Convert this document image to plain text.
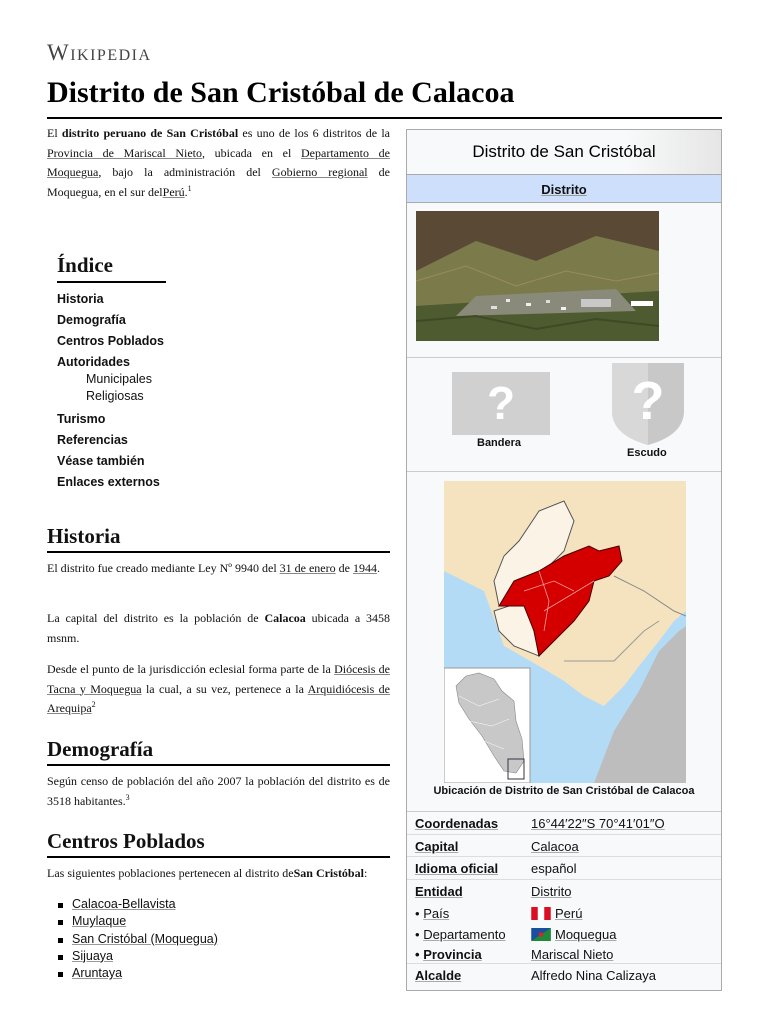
Wikipedia
Distrito de San Cristóbal de Calacoa

El distrito peruano de San Cristóbal es uno de los 6 distritos de la Provincia de Mariscal Nieto, ubicada en el Departamento de Moquegua, bajo la administración del Gobierno regional de Moquegua, en el sur delPerú.$^1$

Índice
Historia
Demografía
Centros Poblados
Autoridades
Municipales
Religiosas
Turismo
Referencias
Véase también
Enlaces externos
Historia

El distrito fue creado mediante Ley Nº 9940 del 31 de enero de 1944.

La capital del distrito es la población de Calacoa ubicada a 3458 msnm.

Desde el punto de la jurisdicción eclesial forma parte de la Diócesis de Tacna y Moquegua la cual, a su vez, pertenece a la Arquidiócesis de Arequipa$^2$

Demografía

Según censo de población del año 2007 la población del distrito es de 3518 habitantes.$^3$

Centros Poblados

Las siguientes poblaciones pertenecen al distrito deSan Cristóbal:

Calacoa-Bellavista
Muylaque
San Cristóbal (Moquegua)
Sijuaya
Aruntaya
Distrito de San Cristóbal
Distrito
?
Bandera
?
Escudo
Ubicación de Distrito de San Cristóbal de Calacoa
Coordenadas	16°44′22″S 70°41′01″O
Capital	Calacoa
Idioma oficial	español
Entidad	Distrito
• País	Perú
• Departamento	Moquegua
• Provincia	Mariscal Nieto
Alcalde	Alfredo Nina Calizaya
